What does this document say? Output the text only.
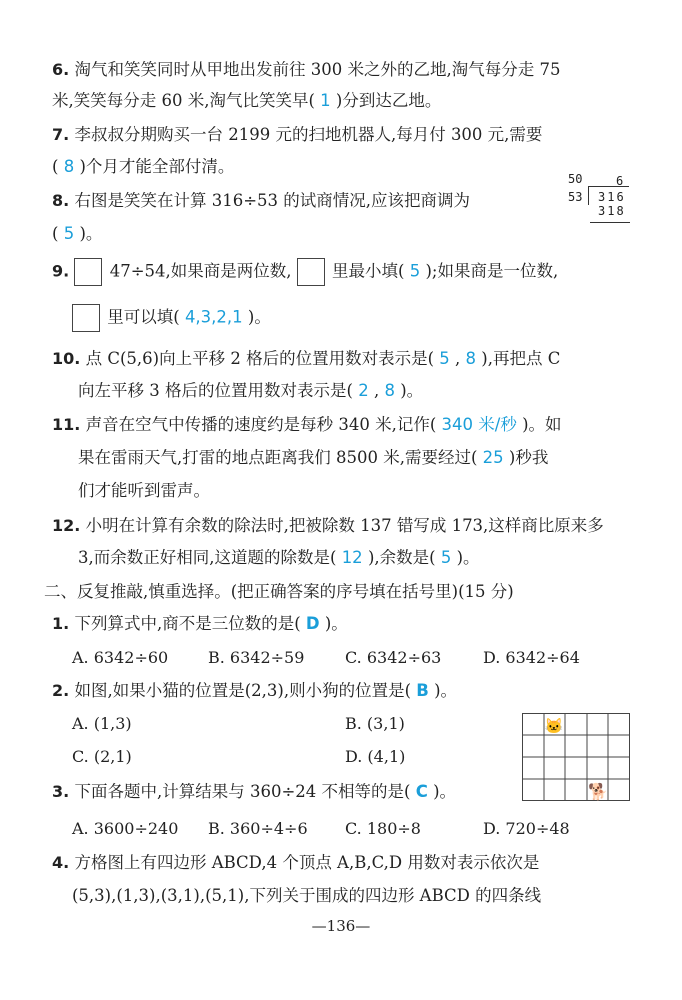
6. 淘气和笑笑同时从甲地出发前往 300 米之外的乙地,淘气每分走 75
米,笑笑每分走 60 米,淘气比笑笑早( 1 )分到达乙地。
7. 李叔叔分期购买一台 2199 元的扫地机器人,每月付 300 元,需要
( 8 )个月才能全部付清。
8. 右图是笑笑在计算 316÷53 的试商情况,应该把商调为
( 5 )。
50	6
53 316
318
9. 47÷54,如果商是两位数, 里最小填( 5 );如果商是一位数,
里可以填( 4,3,2,1 )。
10. 点 C(5,6)向上平移 2 格后的位置用数对表示是( 5 , 8 ),再把点 C
向左平移 3 格后的位置用数对表示是( 2 , 8 )。
11. 声音在空气中传播的速度约是每秒 340 米,记作( 340 米/秒 )。如
果在雷雨天气,打雷的地点距离我们 8500 米,需要经过( 25 )秒我
们才能听到雷声。
12. 小明在计算有余数的除法时,把被除数 137 错写成 173,这样商比原来多
3,而余数正好相同,这道题的除数是( 12 ),余数是( 5 )。
二、反复推敲,慎重选择。(把正确答案的序号填在括号里)(15 分)
1. 下列算式中,商不是三位数的是( D )。
A. 6342÷60 B. 6342÷59	C. 6342÷63	D. 6342÷64
2. 如图,如果小猫的位置是(2,3),则小狗的位置是( B )。
A. (1,3)	B. (3,1)
C. (2,1)	D. (4,1)
🐱
🐕
3. 下面各题中,计算结果与 360÷24 不相等的是( C )。
A. 3600÷240 B. 360÷4÷6 C. 180÷8	D. 720÷48
4. 方格图上有四边形 ABCD,4 个顶点 A,B,C,D 用数对表示依次是
(5,3),(1,3),(3,1),(5,1),下列关于围成的四边形 ABCD 的四条线
—136—
